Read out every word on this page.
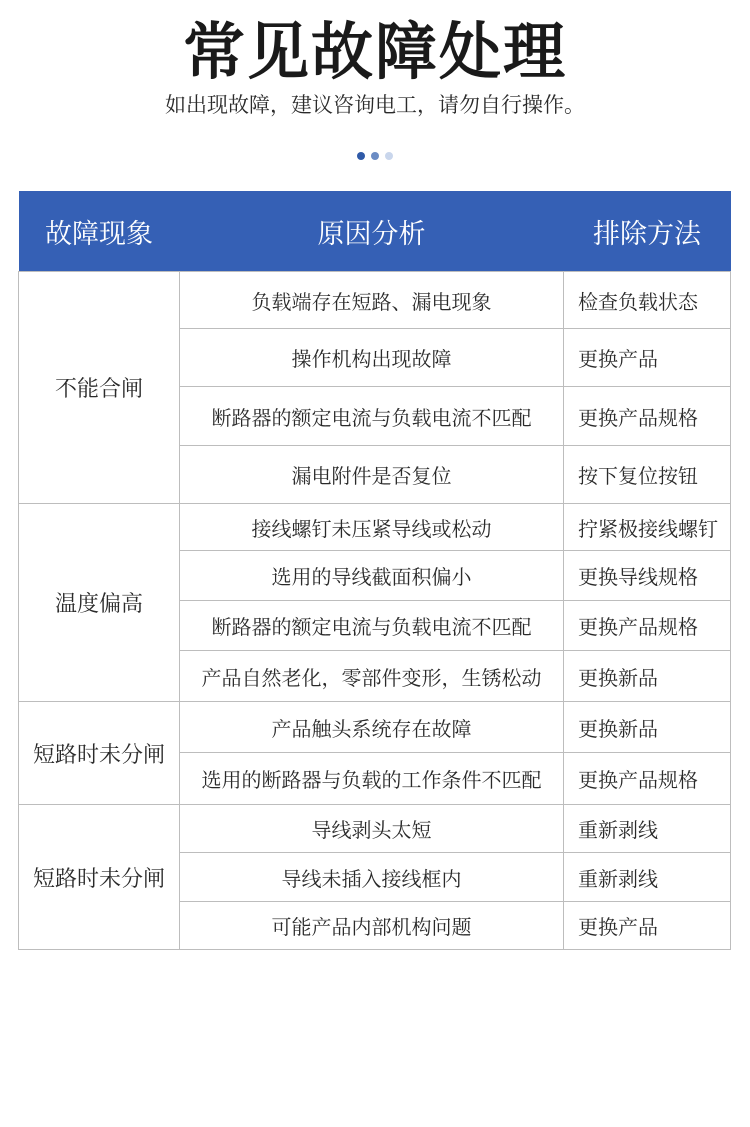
常见故障处理
如出现故障，建议咨询电工，请勿自行操作。
故障现象	原因分析	排除方法
不能合闸	负载端存在短路、漏电现象	检查负载状态
	操作机构出现故障	更换产品
	断路器的额定电流与负载电流不匹配	更换产品规格
	漏电附件是否复位	按下复位按钮
温度偏高	接线螺钉未压紧导线或松动	拧紧极接线螺钉
	选用的导线截面积偏小	更换导线规格
	断路器的额定电流与负载电流不匹配	更换产品规格
	产品自然老化，零部件变形，生锈松动	更换新品
短路时未分闸	产品触头系统存在故障	更换新品
	选用的断路器与负载的工作条件不匹配	更换产品规格
短路时未分闸	导线剥头太短	重新剥线
	导线未插入接线框内	重新剥线
	可能产品内部机构问题	更换产品
